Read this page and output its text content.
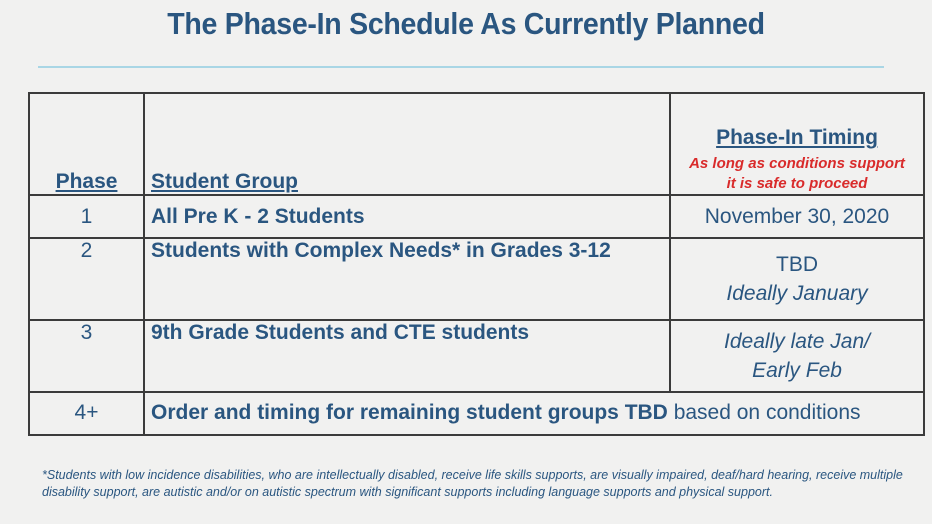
The Phase-In Schedule As Currently Planned
Phase	Student Group	Phase-In Timing
As long as conditions support
it is safe to proceed

1	All Pre K - 2 Students	November 30, 2020
2	Students with Complex Needs* in Grades 3-12	TBD
Ideally January

3	9th Grade Students and CTE students	Ideally late Jan/
Early Feb

4+	Order and timing for remaining student groups TBD based on conditions	
*Students with low incidence disabilities, who are intellectually disabled, receive life skills supports, are visually impaired, deaf/hard hearing, receive multiple disability support, are autistic and/or on autistic spectrum with significant supports including language supports and physical support.
